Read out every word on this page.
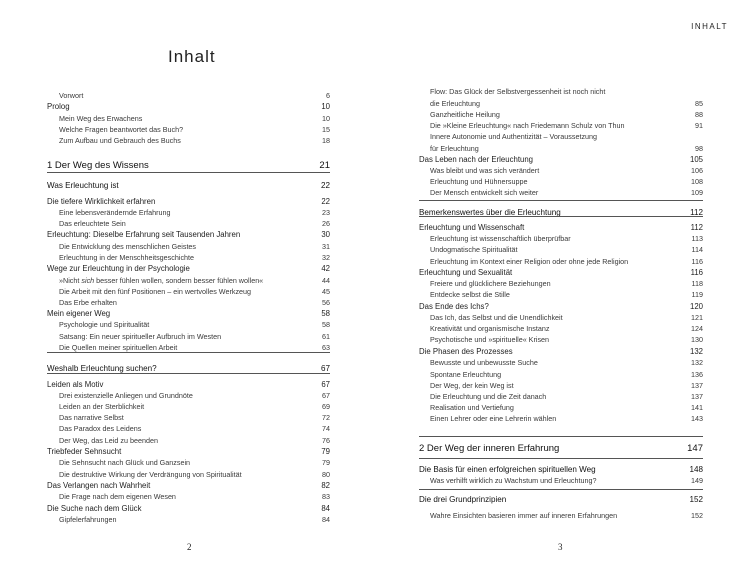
Inhalt
Vorwort	6
Prolog	10
Mein Weg des Erwachens	10
Welche Fragen beantwortet das Buch?	15
Zum Aufbau und Gebrauch des Buchs	18
1 Der Weg des Wissens	21
Was Erleuchtung ist	22
Die tiefere Wirklichkeit erfahren	22
Eine lebensverändernde Erfahrung	23
Das erleuchtete Sein	26
Erleuchtung: Dieselbe Erfahrung seit Tausenden Jahren	30
Die Entwicklung des menschlichen Geistes	31
Erleuchtung in der Menschheitsgeschichte	32
Wege zur Erleuchtung in der Psychologie	42
»Nicht sich besser fühlen wollen, sondern besser fühlen wollen«	44
Die Arbeit mit den fünf Positionen – ein wertvolles Werkzeug	45
Das Erbe erhalten	56
Mein eigener Weg	58
Psychologie und Spiritualität	58
Satsang: Ein neuer spiritueller Aufbruch im Westen	61
Die Quellen meiner spirituellen Arbeit	63
Weshalb Erleuchtung suchen?	67
Leiden als Motiv	67
Drei existenzielle Anliegen und Grundnöte	67
Leiden an der Sterblichkeit	69
Das narrative Selbst	72
Das Paradox des Leidens	74
Der Weg, das Leid zu beenden	76
Triebfeder Sehnsucht	79
Die Sehnsucht nach Glück und Ganzsein	79
Die destruktive Wirkung der Verdrängung von Spiritualität	80
Das Verlangen nach Wahrheit	82
Die Frage nach dem eigenen Wesen	83
Die Suche nach dem Glück	84
Gipfelerfahrungen	84
2
INHALT
Flow: Das Glück der Selbstvergessenheit ist noch nicht
die Erleuchtung	85
Ganzheitliche Heilung	88
Die »Kleine Erleuchtung« nach Friedemann Schulz von Thun	91
Innere Autonomie und Authentizität – Voraussetzung
für Erleuchtung	98
Das Leben nach der Erleuchtung	105
Was bleibt und was sich verändert	106
Erleuchtung und Hühnersuppe	108
Der Mensch entwickelt sich weiter	109
Bemerkenswertes über die Erleuchtung	112
Erleuchtung und Wissenschaft	112
Erleuchtung ist wissenschaftlich überprüfbar	113
Undogmatische Spiritualität	114
Erleuchtung im Kontext einer Religion oder ohne jede Religion	116
Erleuchtung und Sexualität	116
Freiere und glücklichere Beziehungen	118
Entdecke selbst die Stille	119
Das Ende des Ichs?	120
Das Ich, das Selbst und die Unendlichkeit	121
Kreativität und organismische Instanz	124
Psychotische und »spirituelle« Krisen	130
Die Phasen des Prozesses	132
Bewusste und unbewusste Suche	132
Spontane Erleuchtung	136
Der Weg, der kein Weg ist	137
Die Erleuchtung und die Zeit danach	137
Realisation und Vertiefung	141
Einen Lehrer oder eine Lehrerin wählen	143
2 Der Weg der inneren Erfahrung	147
Die Basis für einen erfolgreichen spirituellen Weg	148
Was verhilft wirklich zu Wachstum und Erleuchtung?	149
Die drei Grundprinzipien	152
Wahre Einsichten basieren immer auf inneren Erfahrungen	152
3
